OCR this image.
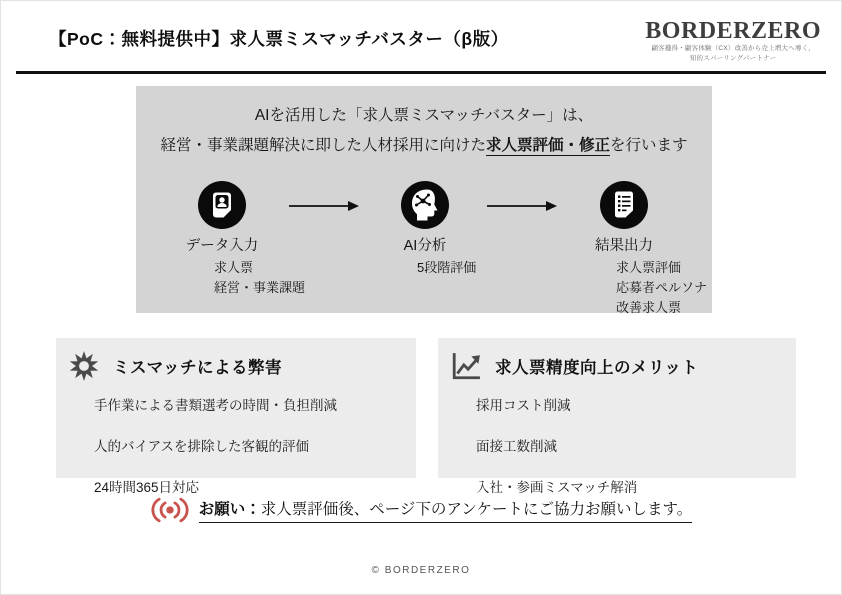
【PoC：無料提供中】求人票ミスマッチバスター（β版）	BORDERZERO
顧客獲得・顧客体験（CX）改善から売上増大へ導く、
知的スパーリングパートナー
AIを活用した「求人票ミスマッチバスター」は、
経営・事業課題解決に即した人材採用に向けた求人票評価・修正を行います
データ入力
求人票
経営・事業課題
AI分析
5段階評価
結果出力
求人票評価
応募者ペルソナ
改善求人票
ミスマッチによる弊害
手作業による書類選考の時間・負担削減
人的バイアスを排除した客観的評価
24時間365日対応
求人票精度向上のメリット
採用コスト削減
面接工数削減
入社・参画ミスマッチ解消
お願い：求人票評価後、ページ下のアンケートにご協力お願いします。
© BORDERZERO
